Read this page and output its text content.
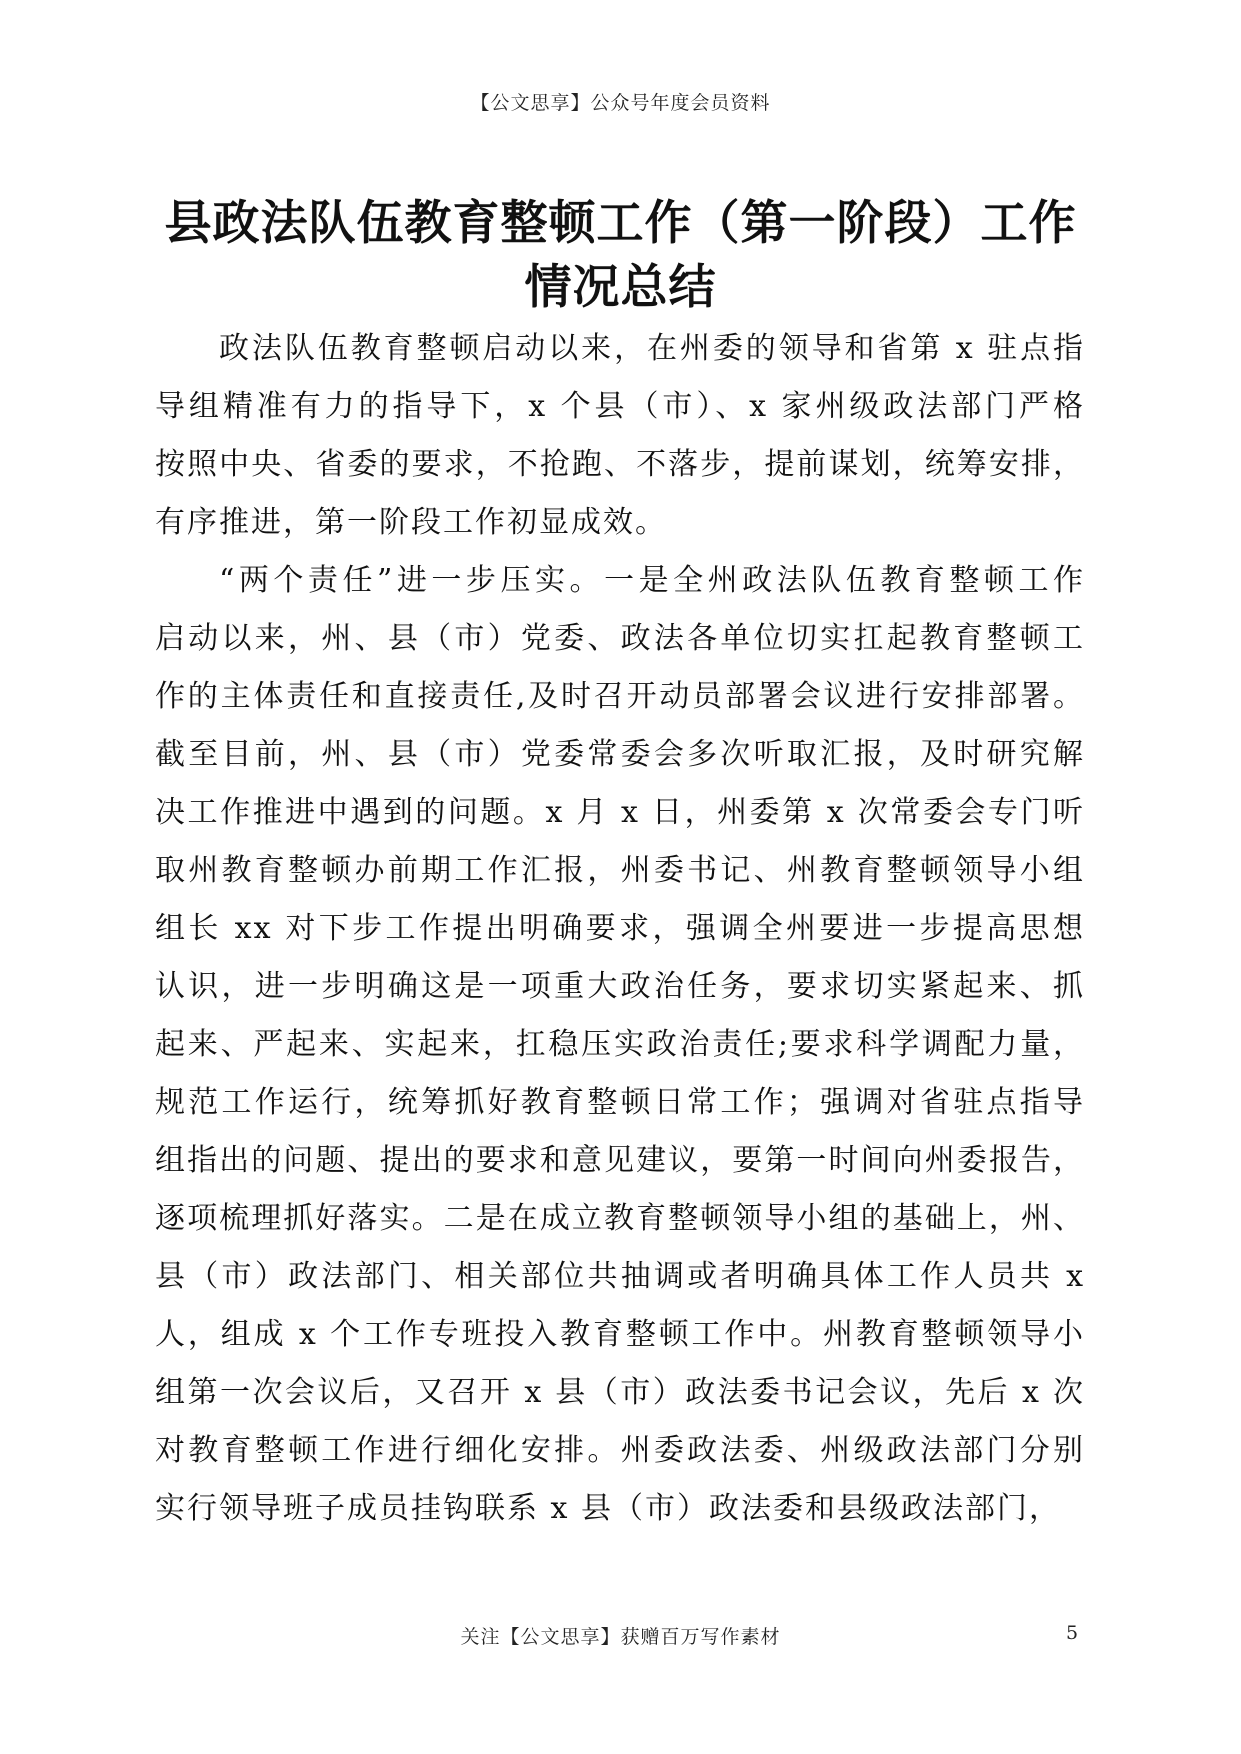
【公文思享】公众号年度会员资料
县政法队伍教育整顿工作（第一阶段）工作
情况总结
政法队伍教育整顿启动以来，在州委的领导和省第 x 驻点指
导组精准有力的指导下，x 个县（市）、x 家州级政法部门严格
按照中央、省委的要求，不抢跑、不落步，提前谋划，统筹安排，
有序推进，第一阶段工作初显成效。
“两个责任”进一步压实。一是全州政法队伍教育整顿工作
启动以来，州、县（市）党委、政法各单位切实扛起教育整顿工
作的主体责任和直接责任,及时召开动员部署会议进行安排部署。
截至目前，州、县（市）党委常委会多次听取汇报，及时研究解
决工作推进中遇到的问题。x 月 x 日，州委第 x 次常委会专门听
取州教育整顿办前期工作汇报，州委书记、州教育整顿领导小组
组长 xx 对下步工作提出明确要求，强调全州要进一步提高思想
认识，进一步明确这是一项重大政治任务，要求切实紧起来、抓
起来、严起来、实起来，扛稳压实政治责任;要求科学调配力量，
规范工作运行，统筹抓好教育整顿日常工作；强调对省驻点指导
组指出的问题、提出的要求和意见建议，要第一时间向州委报告，
逐项梳理抓好落实。二是在成立教育整顿领导小组的基础上，州、
县（市）政法部门、相关部位共抽调或者明确具体工作人员共 x
人，组成 x 个工作专班投入教育整顿工作中。州教育整顿领导小
组第一次会议后，又召开 x 县（市）政法委书记会议，先后 x 次
对教育整顿工作进行细化安排。州委政法委、州级政法部门分别
实行领导班子成员挂钩联系 x 县（市）政法委和县级政法部门，
关注【公文思享】获赠百万写作素材	5
